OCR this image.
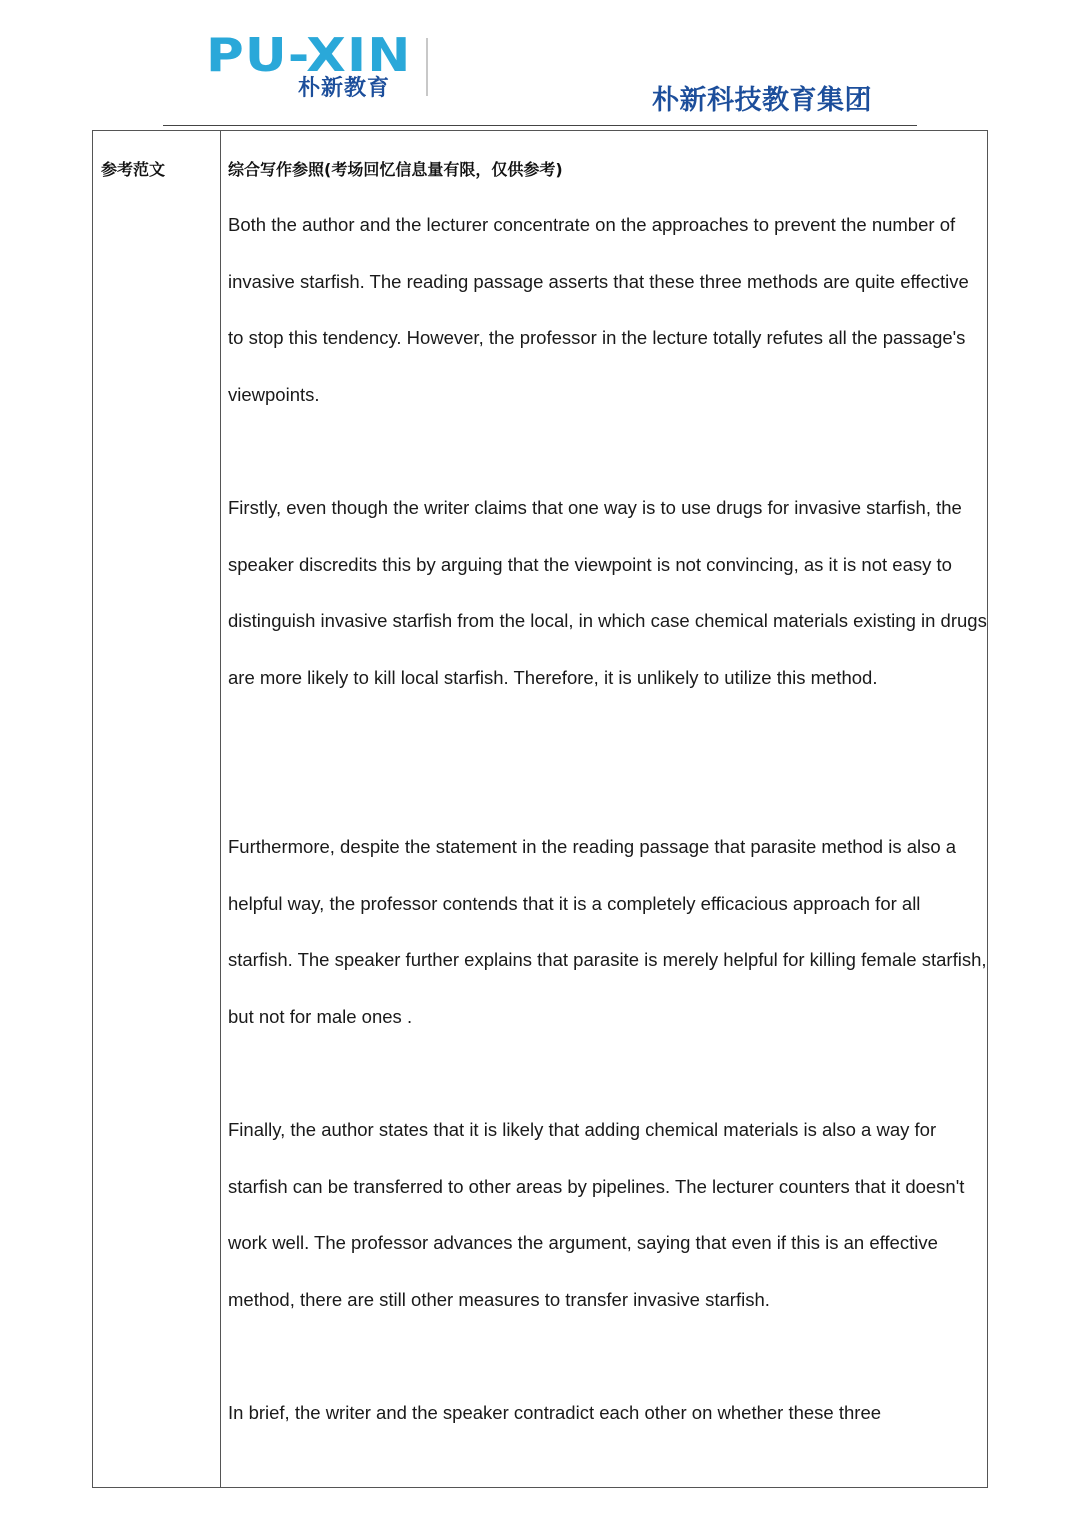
PU-XIN
朴新教育	朴新科技教育集团
参考范文	综合写作参照(考场回忆信息量有限，仅供参考)

Both the author and the lecturer concentrate on the approaches to prevent the number of invasive starfish. The reading passage asserts that these three methods are quite effective to stop this tendency. However, the professor in the lecture totally refutes all the passage's viewpoints.

Firstly, even though the writer claims that one way is to use drugs for invasive starfish, the speaker discredits this by arguing that the viewpoint is not convincing, as it is not easy to distinguish invasive starfish from the local, in which case chemical materials existing in drugs are more likely to kill local starfish. Therefore, it is unlikely to utilize this method.

Furthermore, despite the statement in the reading passage that parasite method is also a helpful way, the professor contends that it is a completely efficacious approach for all starfish. The speaker further explains that parasite is merely helpful for killing female starfish, but not for male ones .

Finally, the author states that it is likely that adding chemical materials is also a way for starfish can be transferred to other areas by pipelines. The lecturer counters that it doesn't work well. The professor advances the argument, saying that even if this is an effective method, there are still other measures to transfer invasive starfish.

In brief, the writer and the speaker contradict each other on whether these three
